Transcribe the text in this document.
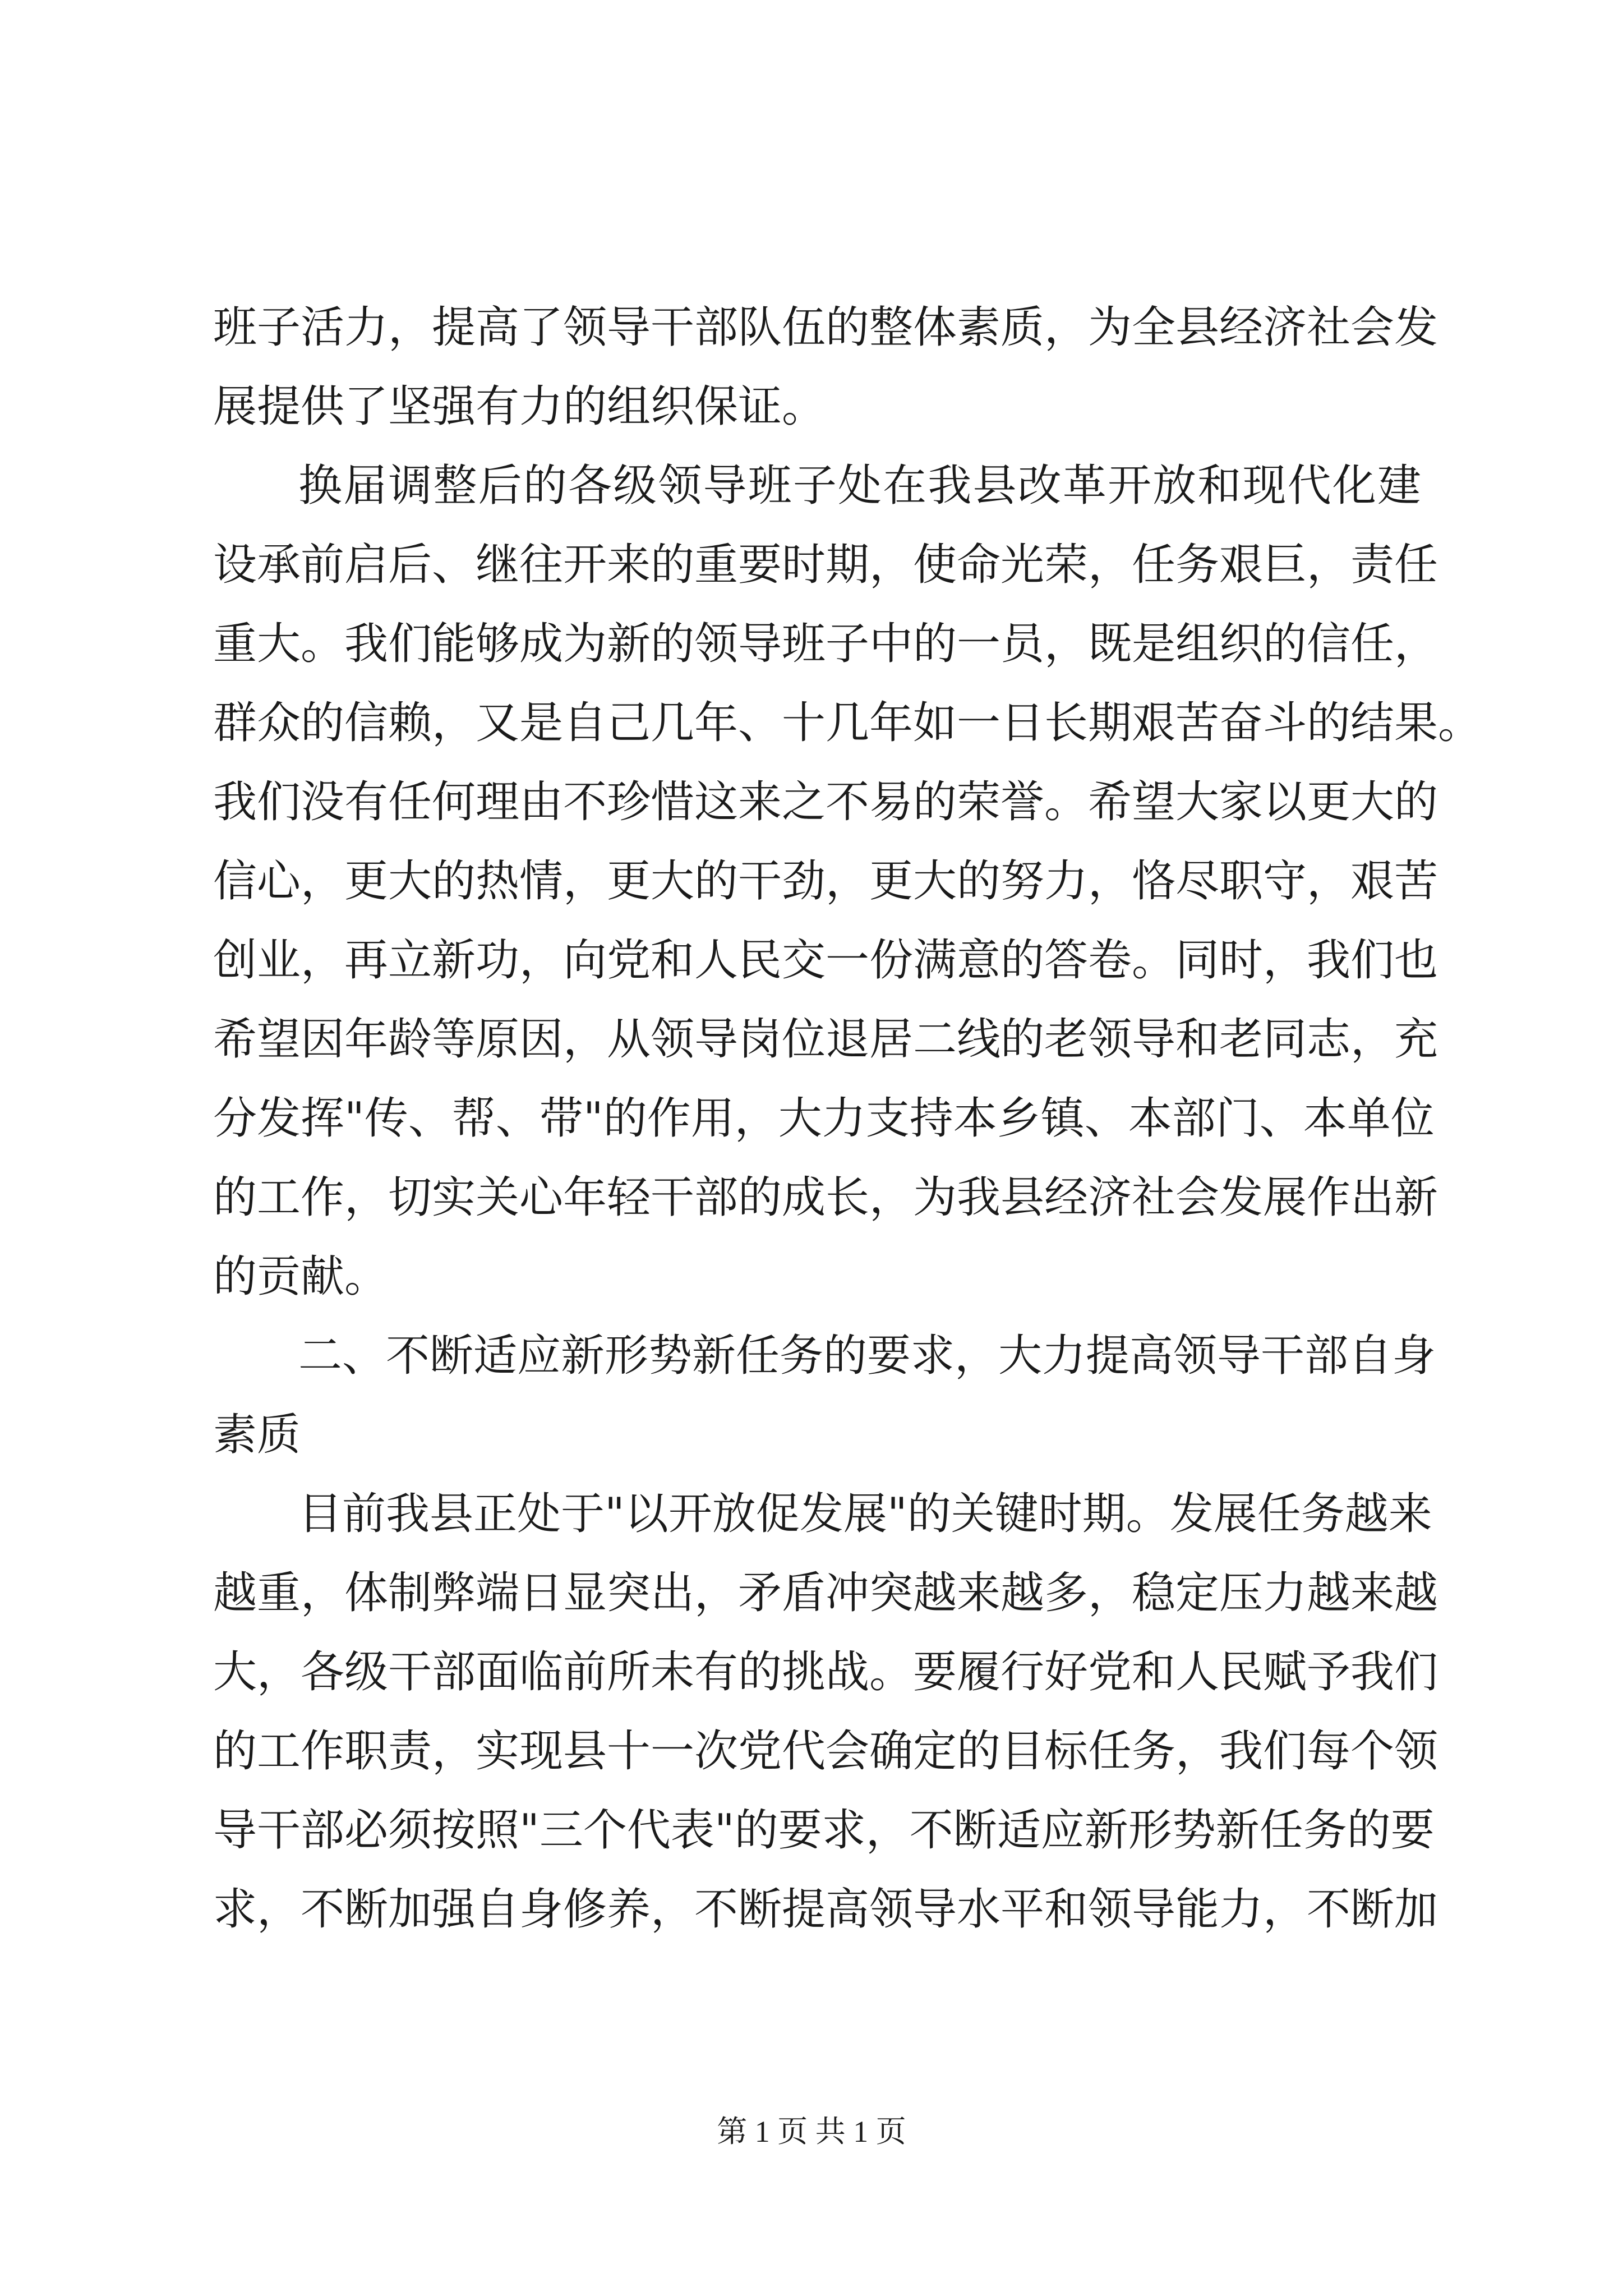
班子活力，提高了领导干部队伍的整体素质，为全县经济社会发
展提供了坚强有力的组织保证。
换届调整后的各级领导班子处在我县改革开放和现代化建
设承前启后、继往开来的重要时期，使命光荣，任务艰巨，责任
重大。我们能够成为新的领导班子中的一员，既是组织的信任，
群众的信赖，又是自己几年、十几年如一日长期艰苦奋斗的结果。
我们没有任何理由不珍惜这来之不易的荣誉。希望大家以更大的
信心，更大的热情，更大的干劲，更大的努力，恪尽职守，艰苦
创业，再立新功，向党和人民交一份满意的答卷。同时，我们也
希望因年龄等原因，从领导岗位退居二线的老领导和老同志，充
分发挥"传、帮、带"的作用，大力支持本乡镇、本部门、本单位
的工作，切实关心年轻干部的成长，为我县经济社会发展作出新
的贡献。
二、不断适应新形势新任务的要求，大力提高领导干部自身
素质
目前我县正处于"以开放促发展"的关键时期。发展任务越来
越重，体制弊端日显突出，矛盾冲突越来越多，稳定压力越来越
大，各级干部面临前所未有的挑战。要履行好党和人民赋予我们
的工作职责，实现县十一次党代会确定的目标任务，我们每个领
导干部必须按照"三个代表"的要求，不断适应新形势新任务的要
求，不断加强自身修养，不断提高领导水平和领导能力，不断加
第 1 页 共 1 页
